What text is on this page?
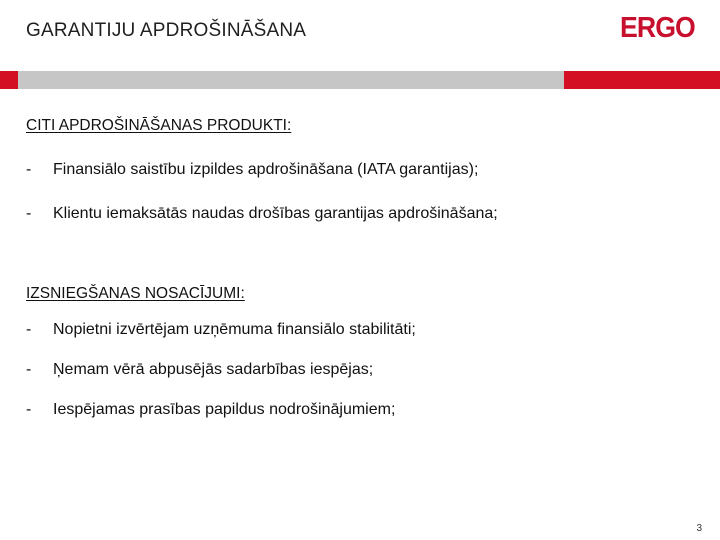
GARANTIJU APDROŠINĀŠANA	ERGO
CITI APDROŠINĀŠANAS PRODUKTI:
- Finansiālo saistību izpildes apdrošināšana (IATA garantijas);
- Klientu iemaksātās naudas drošības garantijas apdrošināšana;
IZSNIEGŠANAS NOSACĪJUMI:
- Nopietni izvērtējam uzņēmuma finansiālo stabilitāti;
- Ņemam vērā abpusējās sadarbības iespējas;
- Iespējamas prasības papildus nodrošinājumiem;
3
